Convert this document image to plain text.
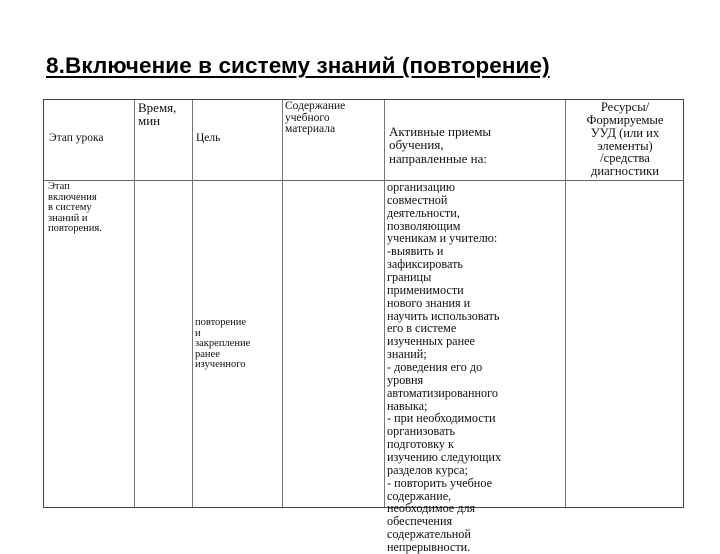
8.Включение в систему знаний (повторение)
Этап урока
Время,
мин
Цель
Содержание
учебного
материала	Активные приемы
обучения,
направленные на:
Ресурсы/
Формируемые
УУД (или их
элементы)
/средства
диагностики
Этап
включения
в систему
знаний и
повторения.
повторение
и
закрепление
ранее
изученного
организацию
совместной
деятельности,
позволяющим
ученикам и учителю:
-выявить и
зафиксировать
границы
применимости
нового знания и
научить использовать
его в системе
изученных ранее
знаний;
- доведения его до
уровня
автоматизированного
навыка;
- при необходимости
организовать
подготовку к
изучению следующих
разделов курса;
- повторить учебное
содержание,
необходимое для
обеспечения
содержательной
непрерывности.
